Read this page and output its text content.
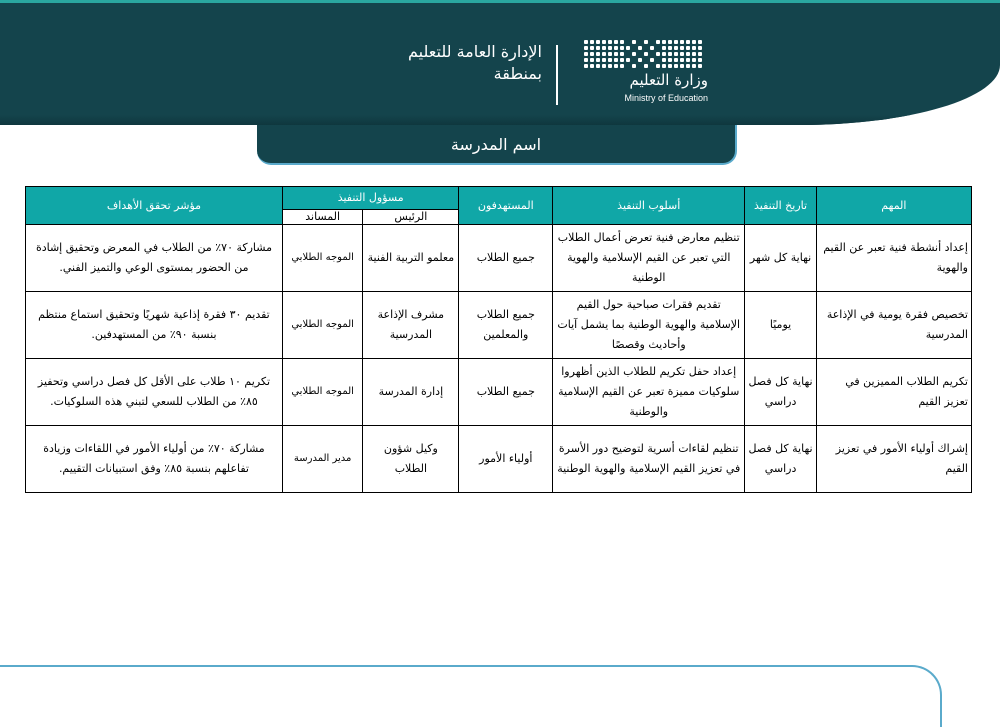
وزارة التعليم
Ministry of Education
الإدارة العامة للتعليم
بمنطقة
اسم المدرسة
المهم	تاريخ التنفيذ	أسلوب التنفيذ	المستهدفون	مسؤول التنفيذ		مؤشر تحقق الأهداف
				الرئيس	المساند	
إعداد أنشطة فنية تعبر عن القيم والهوية	نهاية كل شهر	تنظيم معارض فنية تعرض أعمال الطلاب التي تعبر عن القيم الإسلامية والهوية الوطنية	جميع الطلاب	معلمو التربية الفنية	الموجه الطلابي	مشاركة ٧٠٪ من الطلاب في المعرض وتحقيق إشادة من الحضور بمستوى الوعي والتميز الفني.
تخصيص فقرة يومية في الإذاعة المدرسية	يوميًا	تقديم فقرات صباحية حول القيم الإسلامية والهوية الوطنية بما يشمل آيات وأحاديث وقصصًا	جميع الطلاب والمعلمين	مشرف الإذاعة المدرسية	الموجه الطلابي	تقديم ٣٠ فقرة إذاعية شهريًا وتحقيق استماع منتظم بنسبة ٩٠٪ من المستهدفين.
تكريم الطلاب المميزين في تعزيز القيم	نهاية كل فصل دراسي	إعداد حفل تكريم للطلاب الذين أظهروا سلوكيات مميزة تعبر عن القيم الإسلامية والوطنية	جميع الطلاب	إدارة المدرسة	الموجه الطلابي	تكريم ١٠ طلاب على الأقل كل فصل دراسي وتحفيز ٨٥٪ من الطلاب للسعي لتبني هذه السلوكيات.
إشراك أولياء الأمور في تعزيز القيم	نهاية كل فصل دراسي	تنظيم لقاءات أسرية لتوضيح دور الأسرة في تعزيز القيم الإسلامية والهوية الوطنية	أولياء الأمور	وكيل شؤون الطلاب	مدير المدرسة	مشاركة ٧٠٪ من أولياء الأمور في اللقاءات وزيادة تفاعلهم بنسبة ٨٥٪ وفق استبيانات التقييم.
